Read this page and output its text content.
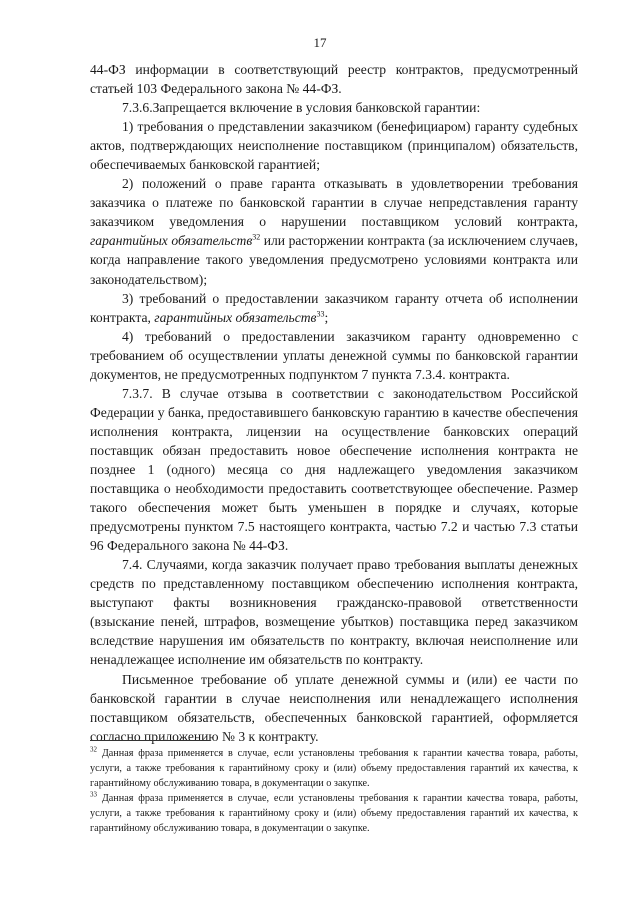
17

44-ФЗ информации в соответствующий реестр контрактов, предусмотренный статьей 103 Федерального закона № 44-ФЗ.

7.3.6.Запрещается включение в условия банковской гарантии:

1) требования о представлении заказчиком (бенефициаром) гаранту судебных актов, подтверждающих неисполнение поставщиком (принципалом) обязательств, обеспечиваемых банковской гарантией;

2) положений о праве гаранта отказывать в удовлетворении требования заказчика о платеже по банковской гарантии в случае непредставления гаранту заказчиком уведомления о нарушении поставщиком условий контракта, гарантийных обязательств$^{32}$ или расторжении контракта (за исключением случаев, когда направление такого уведомления предусмотрено условиями контракта или законодательством);

3) требований о предоставлении заказчиком гаранту отчета об исполнении контракта, гарантийных обязательств$^{33}$;

4) требований о предоставлении заказчиком гаранту одновременно с требованием об осуществлении уплаты денежной суммы по банковской гарантии документов, не предусмотренных подпунктом 7 пункта 7.3.4. контракта.

7.3.7. В случае отзыва в соответствии с законодательством Российской Федерации у банка, предоставившего банковскую гарантию в качестве обеспечения исполнения контракта, лицензии на осуществление банковских операций поставщик обязан предоставить новое обеспечение исполнения контракта не позднее 1 (одного) месяца со дня надлежащего уведомления заказчиком поставщика о необходимости предоставить соответствующее обеспечение. Размер такого обеспечения может быть уменьшен в порядке и случаях, которые предусмотрены пунктом 7.5 настоящего контракта, частью 7.2 и частью 7.3 статьи 96 Федерального закона № 44-ФЗ.

7.4. Случаями, когда заказчик получает право требования выплаты денежных средств по представленному поставщиком обеспечению исполнения контракта, выступают факты возникновения гражданско-правовой ответственности (взыскание пеней, штрафов, возмещение убытков) поставщика перед заказчиком вследствие нарушения им обязательств по контракту, включая неисполнение или ненадлежащее исполнение им обязательств по контракту.

Письменное требование об уплате денежной суммы и (или) ее части по банковской гарантии в случае неисполнения или ненадлежащего исполнения поставщиком обязательств, обеспеченных банковской гарантией, оформляется согласно приложению № 3 к контракту.

$^{32}$ Данная фраза применяется в случае, если установлены требования к гарантии качества товара, работы, услуги, а также требования к гарантийному сроку и (или) объему предоставления гарантий их качества, к гарантийному обслуживанию товара, в документации о закупке.

$^{33}$ Данная фраза применяется в случае, если установлены требования к гарантии качества товара, работы, услуги, а также требования к гарантийному сроку и (или) объему предоставления гарантий их качества, к гарантийному обслуживанию товара, в документации о закупке.
